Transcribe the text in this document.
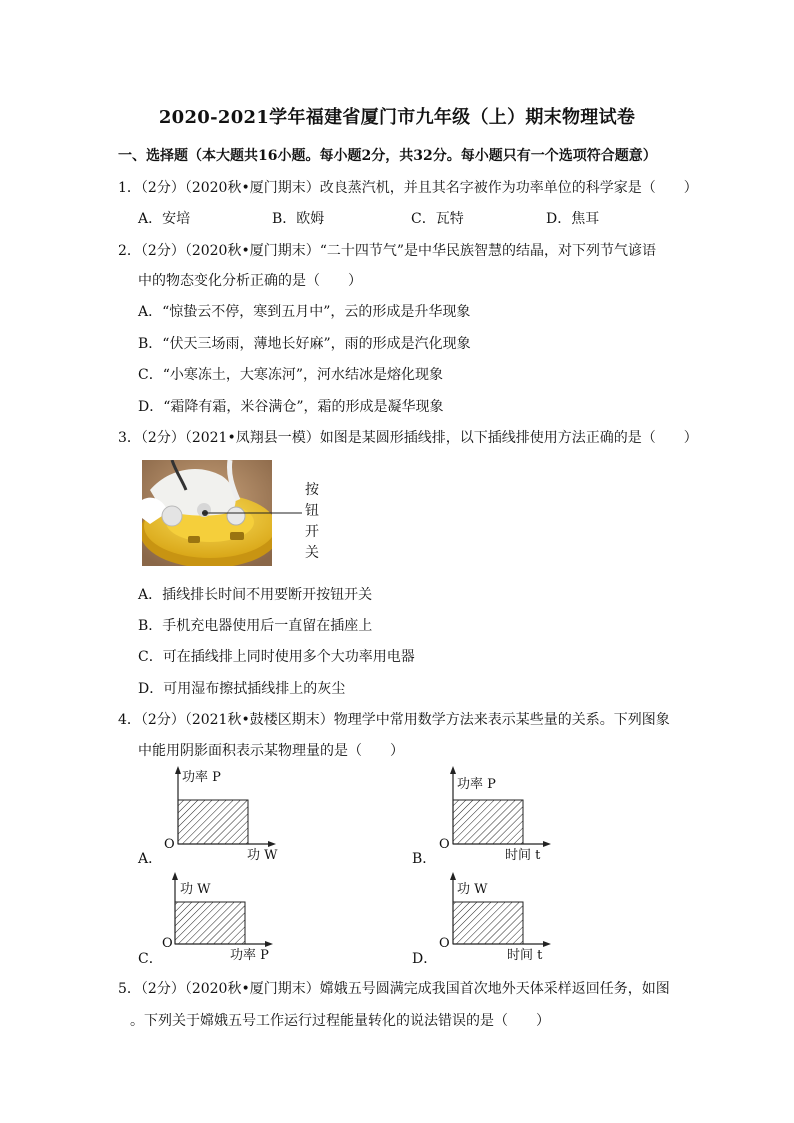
2020-2021学年福建省厦门市九年级（上）期末物理试卷
一、选择题（本大题共16小题。每小题2分，共32分。每小题只有一个选项符合题意）
1．（2分）（2020秋•厦门期末）改良蒸汽机，并且其名字被作为功率单位的科学家是（　　）
A．安培	B．欧姆	C．瓦特	D．焦耳
2．（2分）（2020秋•厦门期末）“二十四节气”是中华民族智慧的结晶，对下列节气谚语
中的物态变化分析正确的是（　　）
A．“惊蛰云不停，寒到五月中”，云的形成是升华现象
B．“伏天三场雨，薄地长好麻”，雨的形成是汽化现象
C．“小寒冻土，大寒冻河”，河水结冰是熔化现象
D．“霜降有霜，米谷满仓”，霜的形成是凝华现象
3．（2分）（2021•凤翔县一模）如图是某圆形插线排，以下插线排使用方法正确的是（　　）
按
钮
开
关
A．插线排长时间不用要断开按钮开关
B．手机充电器使用后一直留在插座上
C．可在插线排上同时使用多个大功率用电器
D．可用湿布擦拭插线排上的灰尘
4．（2分）（2021秋•鼓楼区期末）物理学中常用数学方法来表示某些量的关系。下列图象
中能用阴影面积表示某物理量的是（　　）
功率 P
O
功 W
A．
功率 P
O
时间 t
B．
功 W
O
功率 P
C．
功 W
O
时间 t
D．
5．（2分）（2020秋•厦门期末）嫦娥五号圆满完成我国首次地外天体采样返回任务，如图
。下列关于嫦娥五号工作运行过程能量转化的说法错误的是（　　）
